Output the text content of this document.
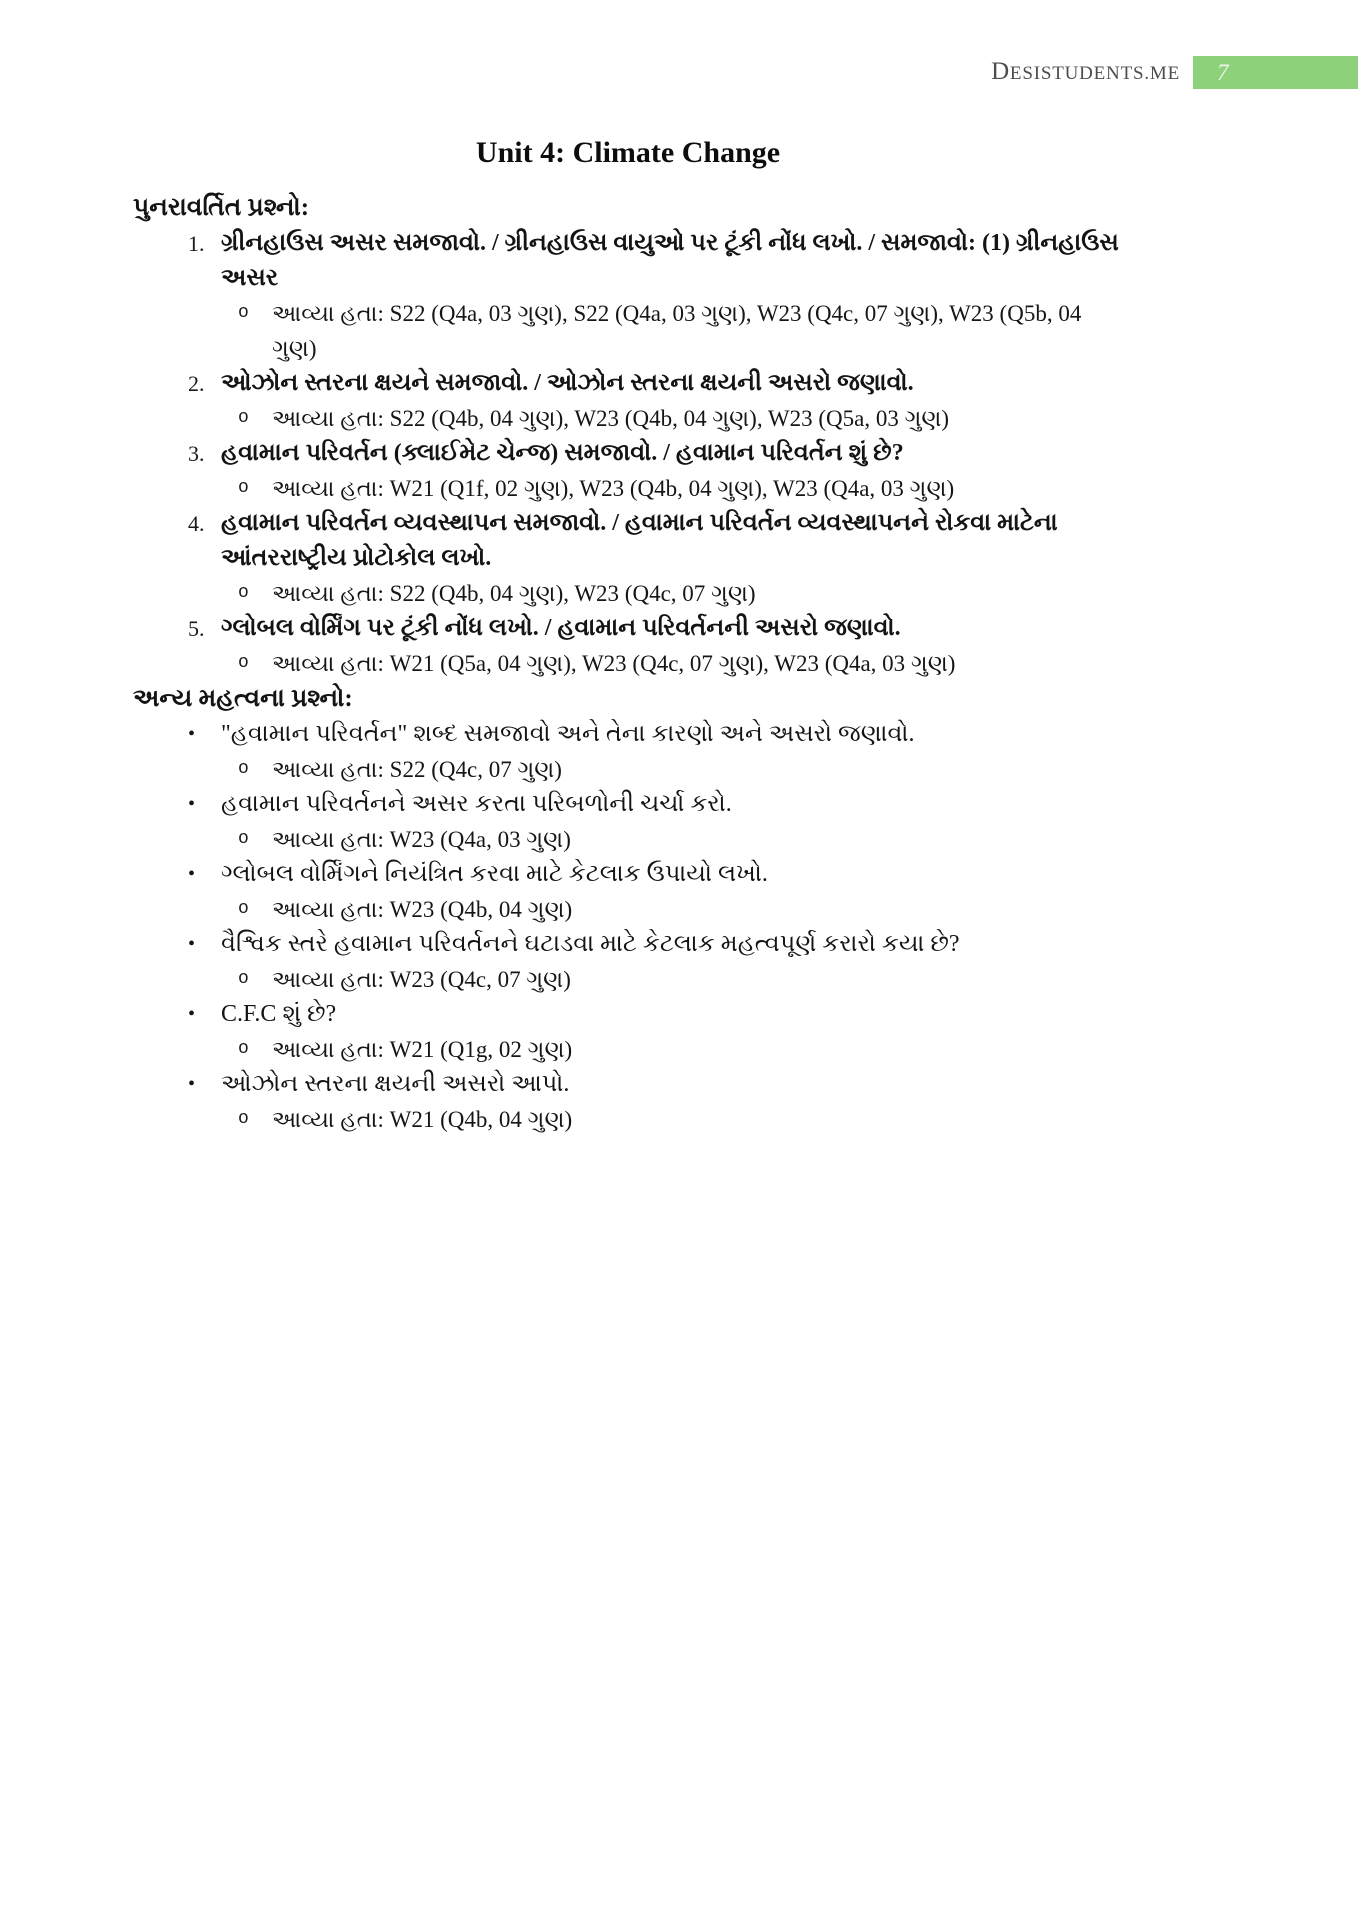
DESISTUDENTS.ME 7
Unit 4: Climate Change
પુનરાવર્તિત પ્રશ્નો:
1. ગ્રીનહાઉસ અસર સમજાવો. / ગ્રીનહાઉસ વાયુઓ પર ટૂંકી નોંધ લખો. / સમજાવો: (1) ગ્રીનહાઉસ અસર
o	આવ્યા હતા: S22 (Q4a, 03 ગુણ), S22 (Q4a, 03 ગુણ), W23 (Q4c, 07 ગુણ), W23 (Q5b, 04 ગુણ)
2. ઓઝોન સ્તરના ક્ષયને સમજાવો. / ઓઝોન સ્તરના ક્ષયની અસરો જણાવો.
o	આવ્યા હતા: S22 (Q4b, 04 ગુણ), W23 (Q4b, 04 ગુણ), W23 (Q5a, 03 ગુણ)
3. હવામાન પરિવર્તન (ક્લાઈમેટ ચેન્જ) સમજાવો. / હવામાન પરિવર્તન શું છે?
o	આવ્યા હતા: W21 (Q1f, 02 ગુણ), W23 (Q4b, 04 ગુણ), W23 (Q4a, 03 ગુણ)
4. હવામાન પરિવર્તન વ્યવસ્થાપન સમજાવો. / હવામાન પરિવર્તન વ્યવસ્થાપનને રોકવા માટેના આંતરરાષ્ટ્રીય પ્રોટોકોલ લખો.
o	આવ્યા હતા: S22 (Q4b, 04 ગુણ), W23 (Q4c, 07 ગુણ)
5. ગ્લોબલ વોર્મિંગ પર ટૂંકી નોંધ લખો. / હવામાન પરિવર્તનની અસરો જણાવો.
o	આવ્યા હતા: W21 (Q5a, 04 ગુણ), W23 (Q4c, 07 ગુણ), W23 (Q4a, 03 ગુણ)
અન્ય મહત્વના પ્રશ્નો:
•	"હવામાન પરિવર્તન" શબ્દ સમજાવો અને તેના કારણો અને અસરો જણાવો.
o	આવ્યા હતા: S22 (Q4c, 07 ગુણ)
•	હવામાન પરિવર્તનને અસર કરતા પરિબળોની ચર્ચા કરો.
o	આવ્યા હતા: W23 (Q4a, 03 ગુણ)
•	ગ્લોબલ વોર્મિંગને નિયંત્રિત કરવા માટે કેટલાક ઉપાયો લખો.
o	આવ્યા હતા: W23 (Q4b, 04 ગુણ)
•	વૈશ્વિક સ્તરે હવામાન પરિવર્તનને ઘટાડવા માટે કેટલાક મહત્વપૂર્ણ કરારો કયા છે?
o	આવ્યા હતા: W23 (Q4c, 07 ગુણ)
•	C.F.C શું છે?
o	આવ્યા હતા: W21 (Q1g, 02 ગુણ)
•	ઓઝોન સ્તરના ક્ષયની અસરો આપો.
o	આવ્યા હતા: W21 (Q4b, 04 ગુણ)
